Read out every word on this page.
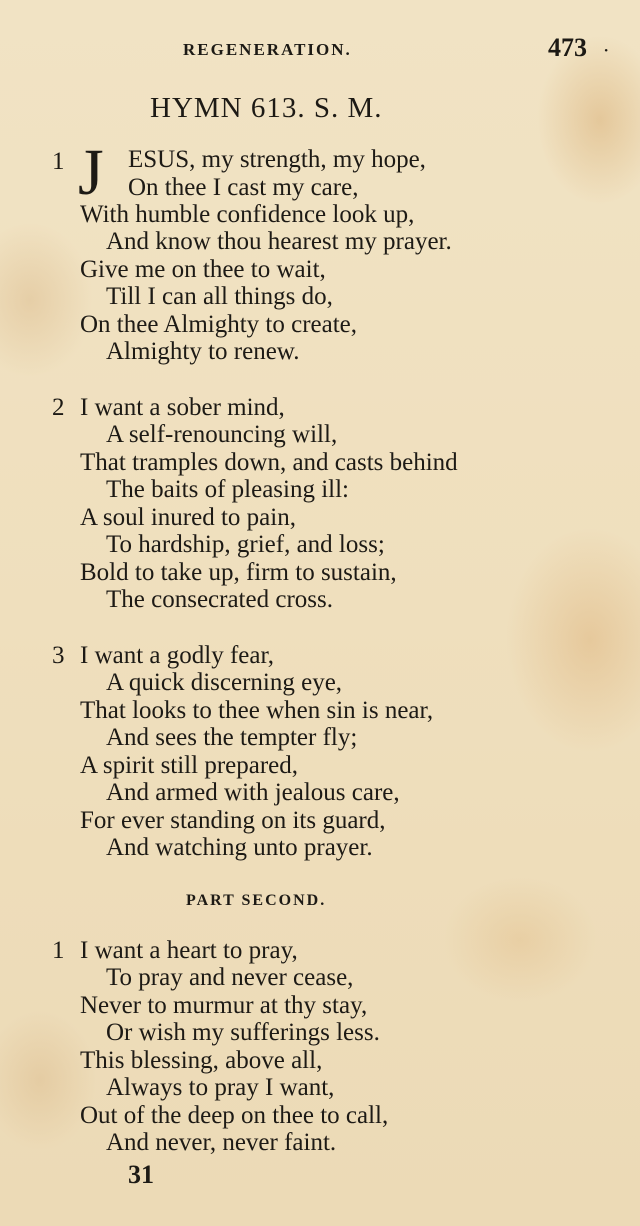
REGENERATION.	473 ·
HYMN 613. S. M.
1 J ESUS, my strength, my hope,
On thee I cast my care,
With humble confidence look up,
And know thou hearest my prayer.
Give me on thee to wait,
Till I can all things do,
On thee Almighty to create,
Almighty to renew.
2 I want a sober mind,
A self-renouncing will,
That tramples down, and casts behind
The baits of pleasing ill:
A soul inured to pain,
To hardship, grief, and loss;
Bold to take up, firm to sustain,
The consecrated cross.
3 I want a godly fear,
A quick discerning eye,
That looks to thee when sin is near,
And sees the tempter fly;
A spirit still prepared,
And armed with jealous care,
For ever standing on its guard,
And watching unto prayer.
PART SECOND.
1 I want a heart to pray,
To pray and never cease,
Never to murmur at thy stay,
Or wish my sufferings less.
This blessing, above all,
Always to pray I want,
Out of the deep on thee to call,
And never, never faint.
31
